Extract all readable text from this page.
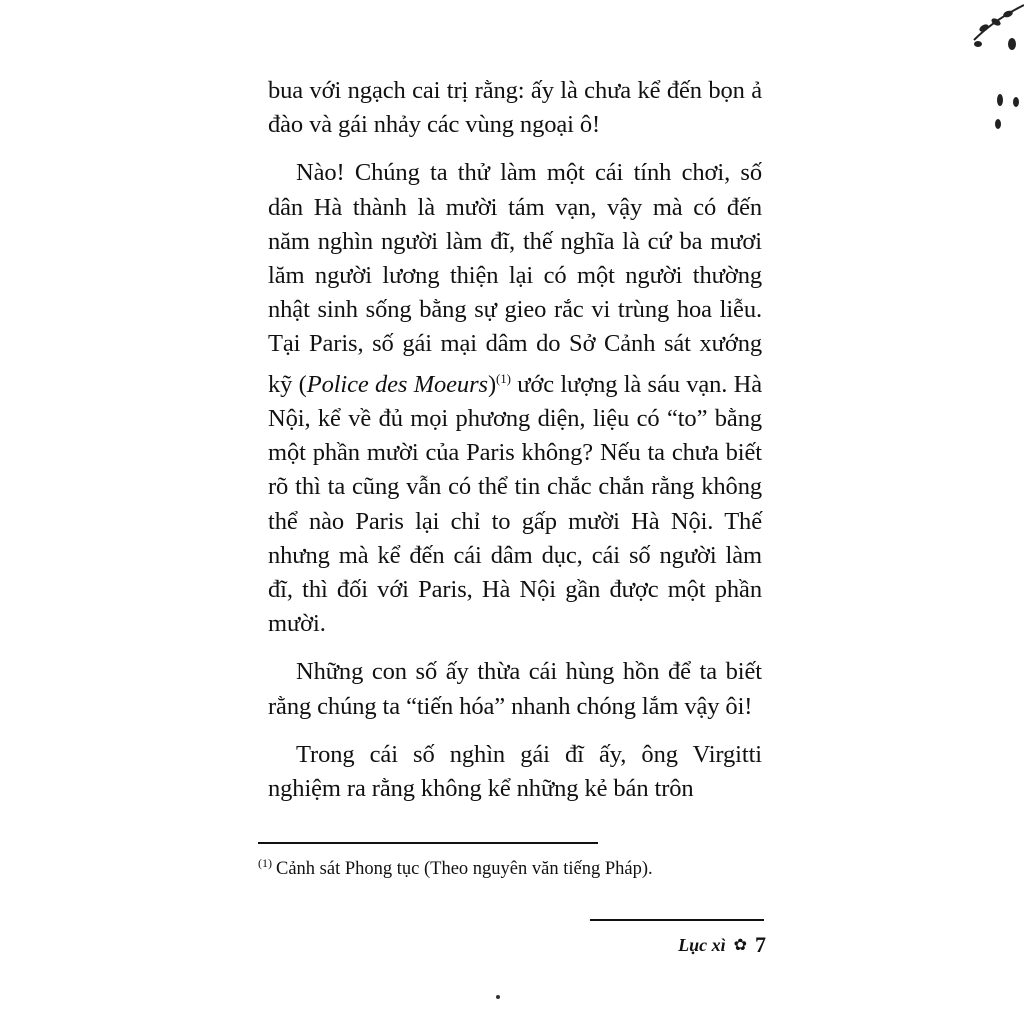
bua với ngạch cai trị rằng: ấy là chưa kể đến bọn ả đào và gái nhảy các vùng ngoại ô!

Nào! Chúng ta thử làm một cái tính chơi, số dân Hà thành là mười tám vạn, vậy mà có đến năm nghìn người làm đĩ, thế nghĩa là cứ ba mươi lăm người lương thiện lại có một người thường nhật sinh sống bằng sự gieo rắc vi trùng hoa liễu. Tại Paris, số gái mại dâm do Sở Cảnh sát xướng kỹ (Police des Moeurs)$^{(1)}$ ước lượng là sáu vạn. Hà Nội, kể về đủ mọi phương diện, liệu có “to” bằng một phần mười của Paris không? Nếu ta chưa biết rõ thì ta cũng vẫn có thể tin chắc chắn rằng không thể nào Paris lại chỉ to gấp mười Hà Nội. Thế nhưng mà kể đến cái dâm dục, cái số người làm đĩ, thì đối với Paris, Hà Nội gần được một phần mười.

Những con số ấy thừa cái hùng hồn để ta biết rằng chúng ta “tiến hóa” nhanh chóng lắm vậy ôi!

Trong cái số nghìn gái đĩ ấy, ông Virgitti nghiệm ra rằng không kể những kẻ bán trôn

$^{(1)}$ Cảnh sát Phong tục (Theo nguyên văn tiếng Pháp).
Lục xì ✿ 7
